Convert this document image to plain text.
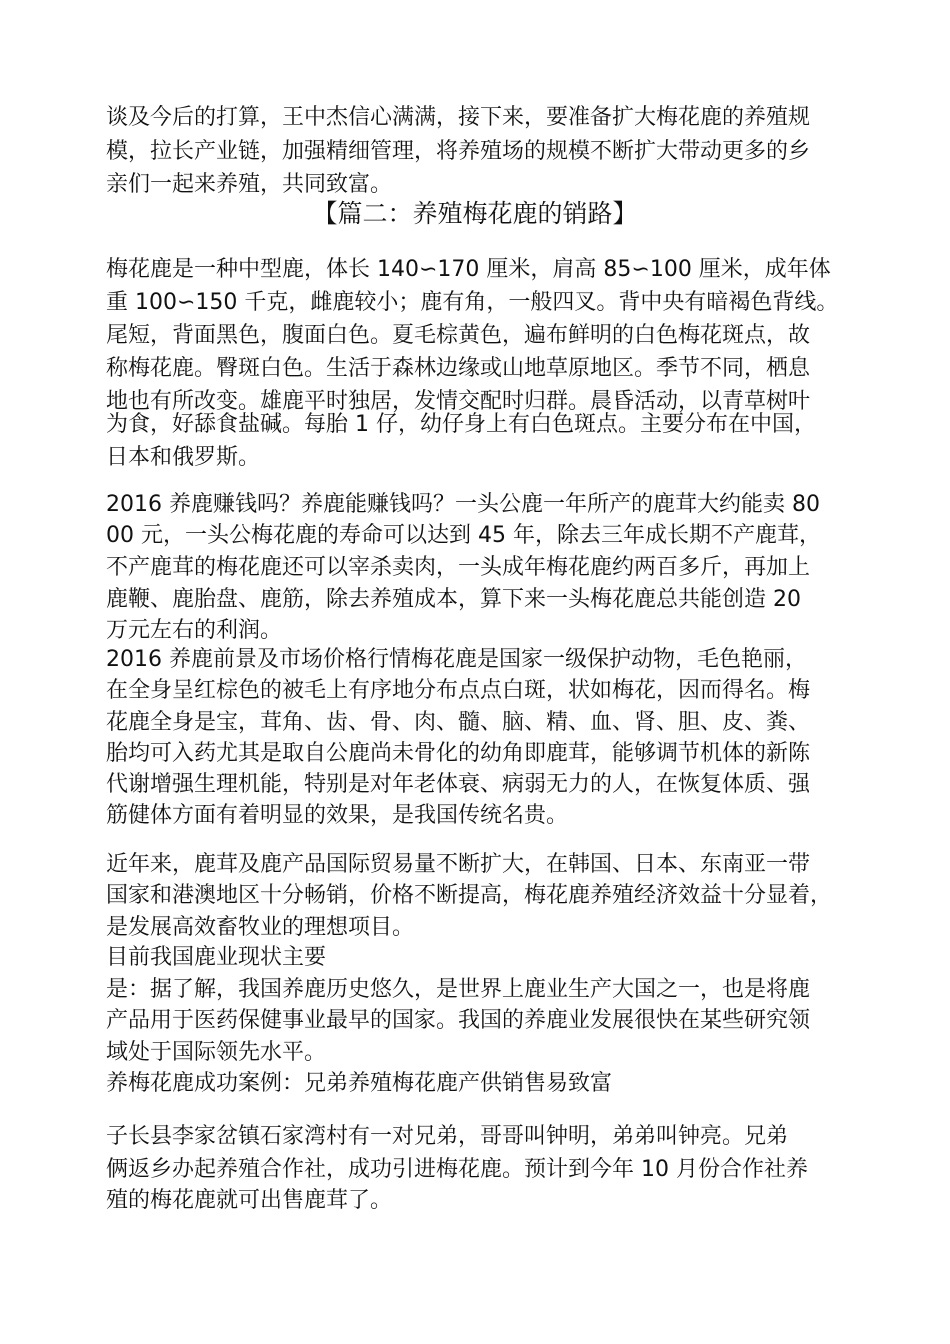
谈及今后的打算，王中杰信心满满，接下来，要准备扩大梅花鹿的养殖规
模，拉长产业链，加强精细管理，将养殖场的规模不断扩大带动更多的乡
亲们一起来养殖，共同致富。
【篇二：养殖梅花鹿的销路】
梅花鹿是一种中型鹿，体长 140∽170 厘米，肩高 85∽100 厘米，成年体
重 100∽150 千克，雌鹿较小；鹿有角，一般四叉。背中央有暗褐色背线。
尾短，背面黑色，腹面白色。夏毛棕黄色，遍布鲜明的白色梅花斑点，故
称梅花鹿。臀斑白色。生活于森林边缘或山地草原地区。季节不同，栖息
地也有所改变。雄鹿平时独居，发情交配时归群。晨昏活动，以青草树叶
为食，好舔食盐碱。每胎 1 仔，幼仔身上有白色斑点。主要分布在中国，
日本和俄罗斯。
2016 养鹿赚钱吗？养鹿能赚钱吗？一头公鹿一年所产的鹿茸大约能卖 80
00 元，一头公梅花鹿的寿命可以达到 45 年，除去三年成长期不产鹿茸，
不产鹿茸的梅花鹿还可以宰杀卖肉，一头成年梅花鹿约两百多斤，再加上
鹿鞭、鹿胎盘、鹿筋，除去养殖成本，算下来一头梅花鹿总共能创造 20
万元左右的利润。
2016 养鹿前景及市场价格行情梅花鹿是国家一级保护动物，毛色艳丽，
在全身呈红棕色的被毛上有序地分布点点白斑，状如梅花，因而得名。梅
花鹿全身是宝，茸角、齿、骨、肉、髓、脑、精、血、肾、胆、皮、粪、
胎均可入药尤其是取自公鹿尚未骨化的幼角即鹿茸，能够调节机体的新陈
代谢增强生理机能，特别是对年老体衰、病弱无力的人，在恢复体质、强
筋健体方面有着明显的效果，是我国传统名贵。
近年来，鹿茸及鹿产品国际贸易量不断扩大，在韩国、日本、东南亚一带
国家和港澳地区十分畅销，价格不断提高，梅花鹿养殖经济效益十分显着，
是发展高效畜牧业的理想项目。
目前我国鹿业现状主要
是：据了解，我国养鹿历史悠久，是世界上鹿业生产大国之一，也是将鹿
产品用于医药保健事业最早的国家。我国的养鹿业发展很快在某些研究领
域处于国际领先水平。
养梅花鹿成功案例：兄弟养殖梅花鹿产供销售易致富
子长县李家岔镇石家湾村有一对兄弟，哥哥叫钟明，弟弟叫钟亮。兄弟
俩返乡办起养殖合作社，成功引进梅花鹿。预计到今年 10 月份合作社养
殖的梅花鹿就可出售鹿茸了。
